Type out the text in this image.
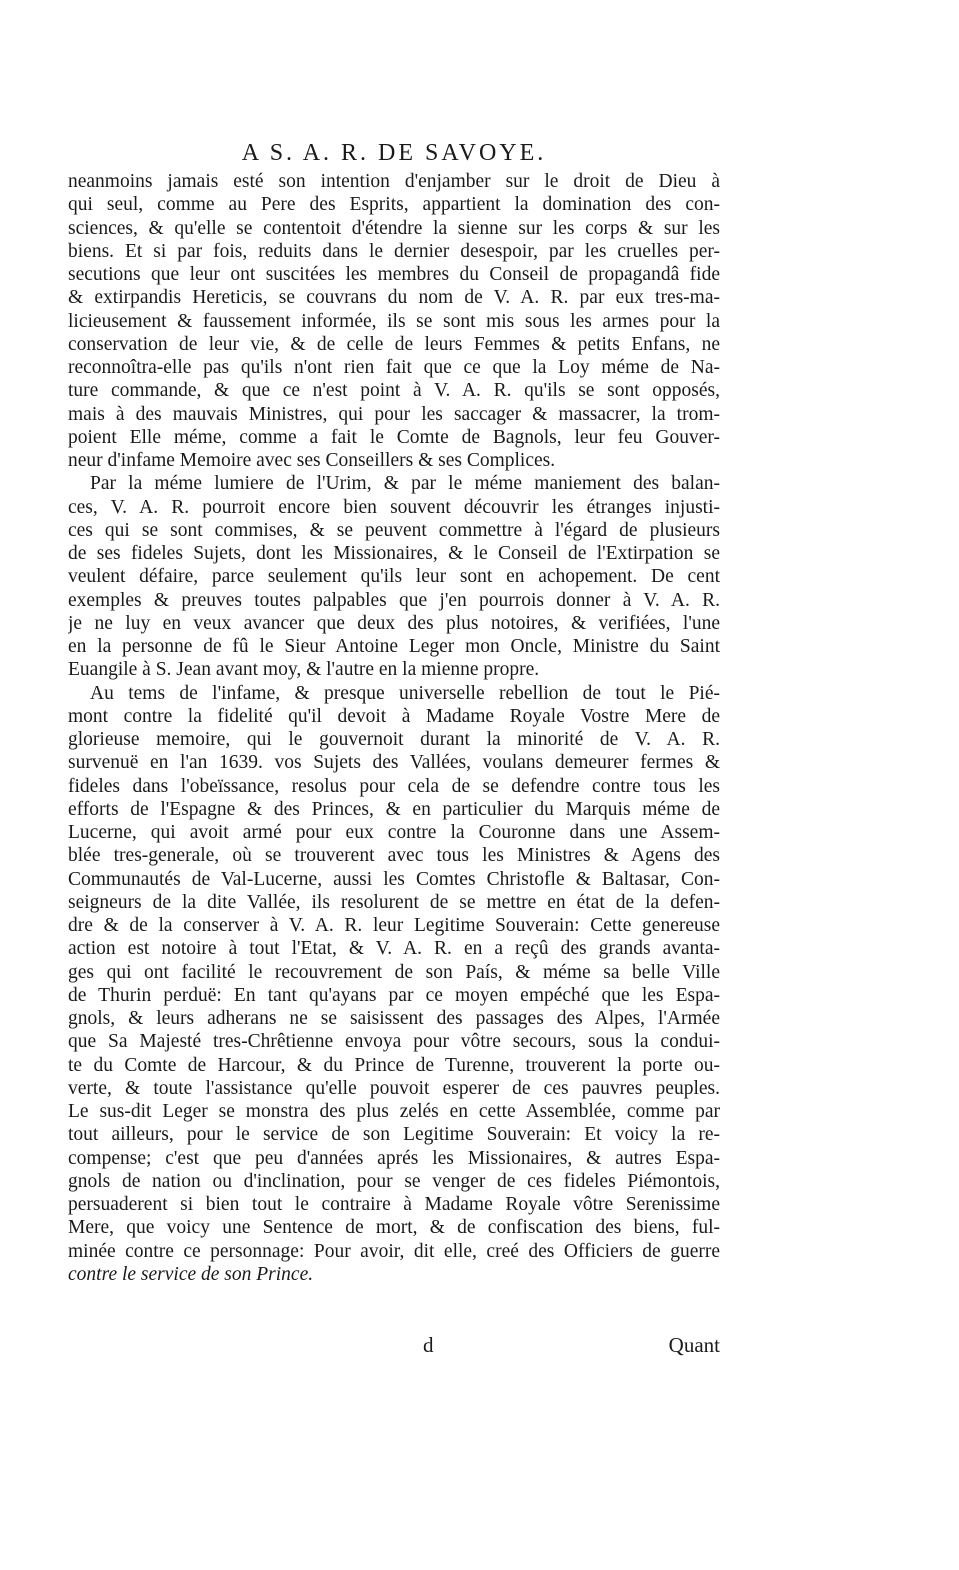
A S. A. R. DE SAVOYE.
neanmoins jamais esté son intention d'enjamber sur le droit de Dieu à
qui seul, comme au Pere des Esprits, appartient la domination des con-
sciences, & qu'elle se contentoit d'étendre la sienne sur les corps & sur les
biens. Et si par fois, reduits dans le dernier desespoir, par les cruelles per-
secutions que leur ont suscitées les membres du Conseil de propagandâ fide
& extirpandis Hereticis, se couvrans du nom de V. A. R. par eux tres-ma-
licieusement & faussement informée, ils se sont mis sous les armes pour la
conservation de leur vie, & de celle de leurs Femmes & petits Enfans, ne
reconnoîtra-elle pas qu'ils n'ont rien fait que ce que la Loy méme de Na-
ture commande, & que ce n'est point à V. A. R. qu'ils se sont opposés,
mais à des mauvais Ministres, qui pour les saccager & massacrer, la trom-
poient Elle méme, comme a fait le Comte de Bagnols, leur feu Gouver-
neur d'infame Memoire avec ses Conseillers & ses Complices.
Par la méme lumiere de l'Urim, & par le méme maniement des balan-
ces, V. A. R. pourroit encore bien souvent découvrir les étranges injusti-
ces qui se sont commises, & se peuvent commettre à l'égard de plusieurs
de ses fideles Sujets, dont les Missionaires, & le Conseil de l'Extirpation se
veulent défaire, parce seulement qu'ils leur sont en achopement. De cent
exemples & preuves toutes palpables que j'en pourrois donner à V. A. R.
je ne luy en veux avancer que deux des plus notoires, & verifiées, l'une
en la personne de fû le Sieur Antoine Leger mon Oncle, Ministre du Saint
Euangile à S. Jean avant moy, & l'autre en la mienne propre.
Au tems de l'infame, & presque universelle rebellion de tout le Pié-
mont contre la fidelité qu'il devoit à Madame Royale Vostre Mere de
glorieuse memoire, qui le gouvernoit durant la minorité de V. A. R.
survenuë en l'an 1639. vos Sujets des Vallées, voulans demeurer fermes &
fideles dans l'obeïssance, resolus pour cela de se defendre contre tous les
efforts de l'Espagne & des Princes, & en particulier du Marquis méme de
Lucerne, qui avoit armé pour eux contre la Couronne dans une Assem-
blée tres-generale, où se trouverent avec tous les Ministres & Agens des
Communautés de Val-Lucerne, aussi les Comtes Christofle & Baltasar, Con-
seigneurs de la dite Vallée, ils resolurent de se mettre en état de la defen-
dre & de la conserver à V. A. R. leur Legitime Souverain: Cette genereuse
action est notoire à tout l'Etat, & V. A. R. en a reçû des grands avanta-
ges qui ont facilité le recouvrement de son País, & méme sa belle Ville
de Thurin perduë: En tant qu'ayans par ce moyen empéché que les Espa-
gnols, & leurs adherans ne se saisissent des passages des Alpes, l'Armée
que Sa Majesté tres-Chrêtienne envoya pour vôtre secours, sous la condui-
te du Comte de Harcour, & du Prince de Turenne, trouverent la porte ou-
verte, & toute l'assistance qu'elle pouvoit esperer de ces pauvres peuples.
Le sus-dit Leger se monstra des plus zelés en cette Assemblée, comme par
tout ailleurs, pour le service de son Legitime Souverain: Et voicy la re-
compense; c'est que peu d'années aprés les Missionaires, & autres Espa-
gnols de nation ou d'inclination, pour se venger de ces fideles Piémontois,
persuaderent si bien tout le contraire à Madame Royale vôtre Serenissime
Mere, que voicy une Sentence de mort, & de confiscation des biens, ful-
minée contre ce personnage: Pour avoir, dit elle, creé des Officiers de guerre
contre le service de son Prince.
d	Quant
